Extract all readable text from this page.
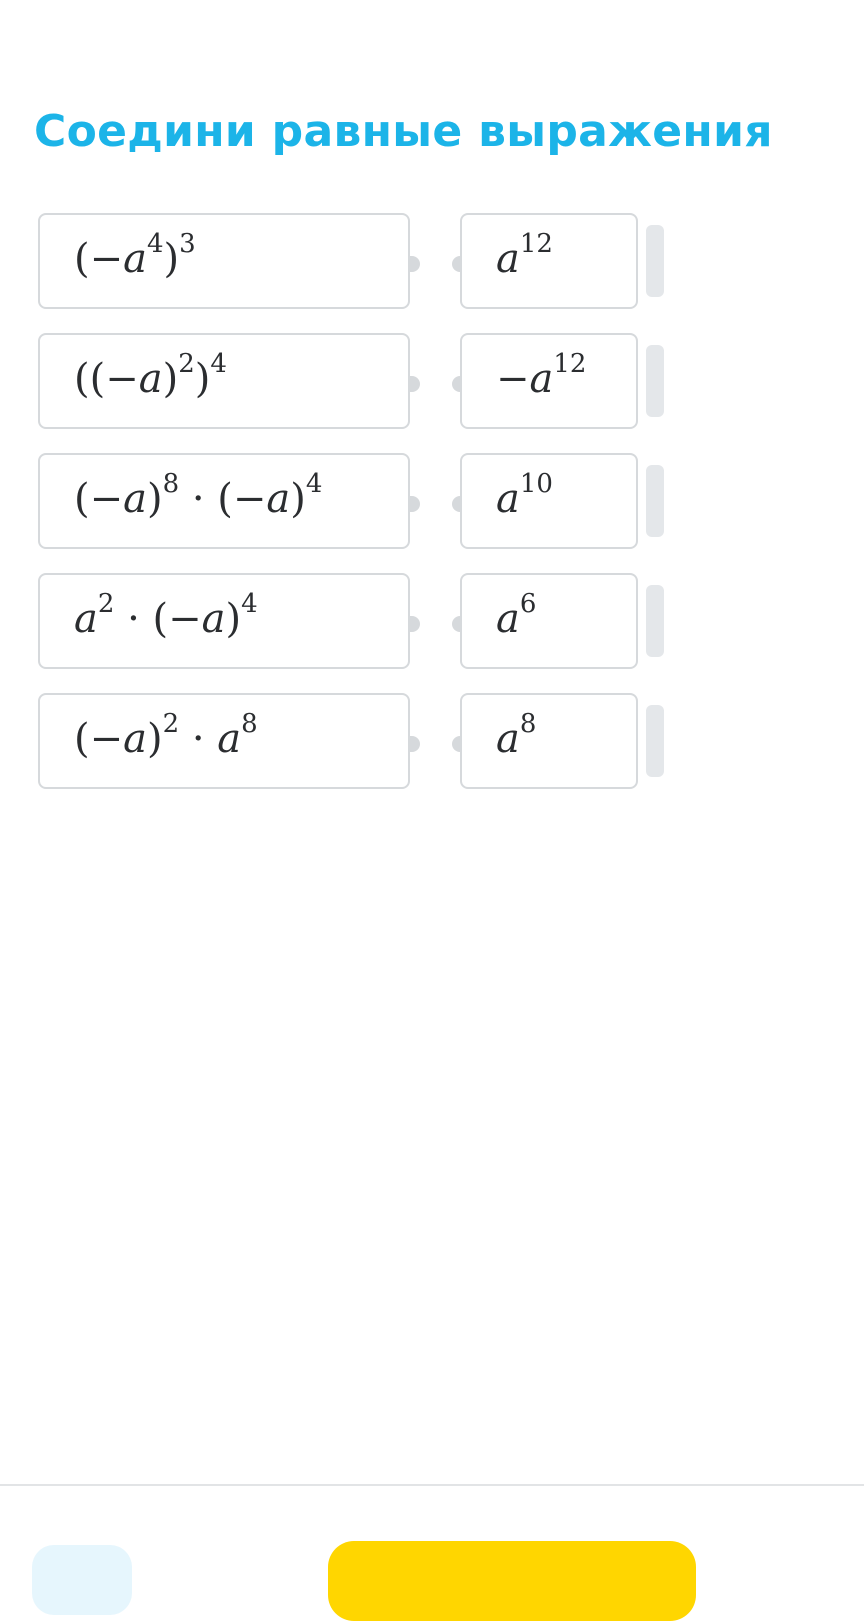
Соедини равные выражения
$(-a^4)^3$	$a^{12}$
$((-a)^2)^4$	$-a^{12}$
$(-a)^8 \cdot (-a)^4$	$a^{10}$
$a^2 \cdot (-a)^4$	$a^6$
$(-a)^2 \cdot a^8$	$a^8$
